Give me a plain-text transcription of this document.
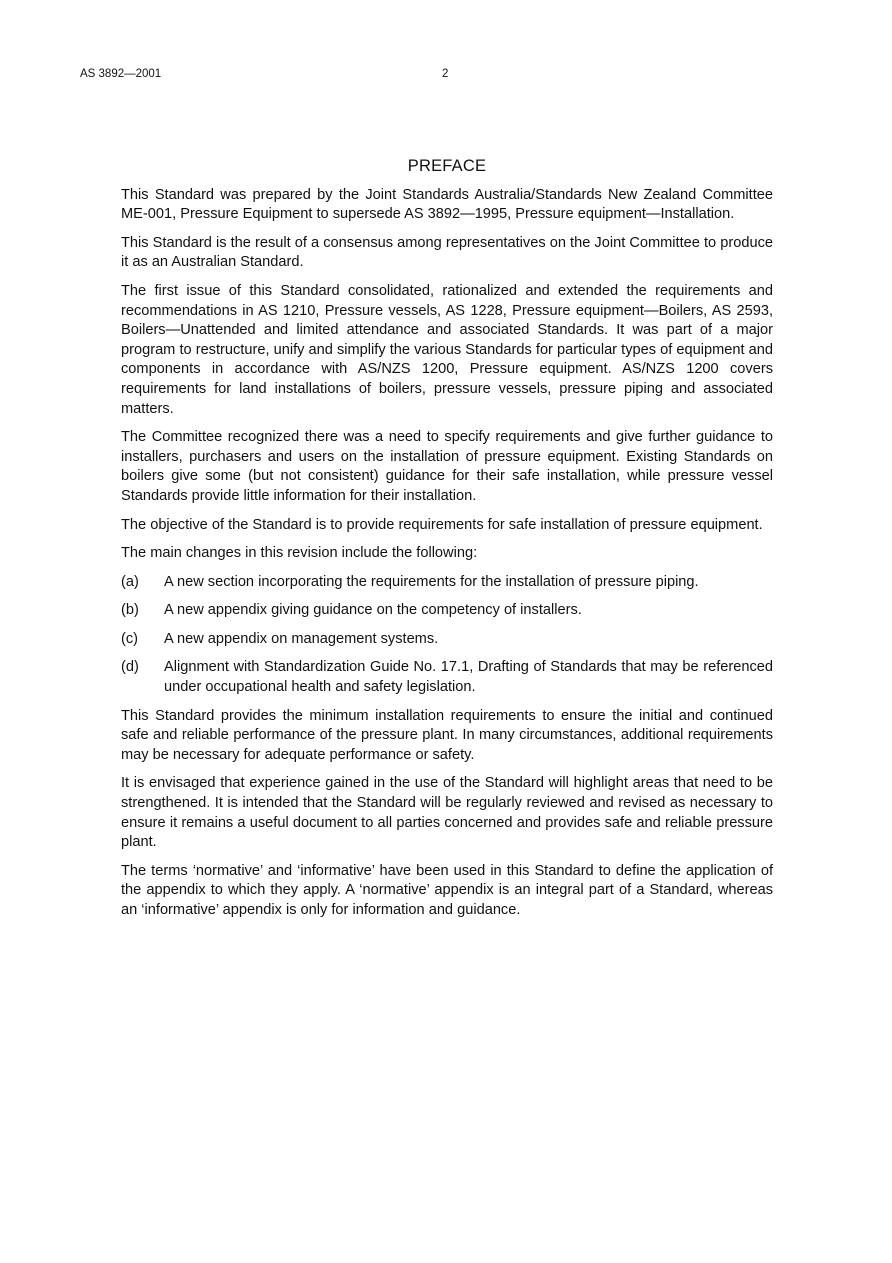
AS 3892—2001	2
PREFACE

This Standard was prepared by the Joint Standards Australia/Standards New Zealand Committee ME-001, Pressure Equipment to supersede AS 3892—1995, Pressure equipment—Installation.

This Standard is the result of a consensus among representatives on the Joint Committee to produce it as an Australian Standard.

The first issue of this Standard consolidated, rationalized and extended the requirements and recommendations in AS 1210, Pressure vessels, AS 1228, Pressure equipment—Boilers, AS 2593, Boilers—Unattended and limited attendance and associated Standards. It was part of a major program to restructure, unify and simplify the various Standards for particular types of equipment and components in accordance with AS/NZS 1200, Pressure equipment. AS/NZS 1200 covers requirements for land installations of boilers, pressure vessels, pressure piping and associated matters.

The Committee recognized there was a need to specify requirements and give further guidance to installers, purchasers and users on the installation of pressure equipment. Existing Standards on boilers give some (but not consistent) guidance for their safe installation, while pressure vessel Standards provide little information for their installation.

The objective of the Standard is to provide requirements for safe installation of pressure equipment.

The main changes in this revision include the following:

(a)	A new section incorporating the requirements for the installation of pressure piping.
(b)	A new appendix giving guidance on the competency of installers.
(c)	A new appendix on management systems.
(d)	Alignment with Standardization Guide No. 17.1, Drafting of Standards that may be referenced under occupational health and safety legislation.

This Standard provides the minimum installation requirements to ensure the initial and continued safe and reliable performance of the pressure plant. In many circumstances, additional requirements may be necessary for adequate performance or safety.

It is envisaged that experience gained in the use of the Standard will highlight areas that need to be strengthened. It is intended that the Standard will be regularly reviewed and revised as necessary to ensure it remains a useful document to all parties concerned and provides safe and reliable pressure plant.

The terms ‘normative’ and ‘informative’ have been used in this Standard to define the application of the appendix to which they apply. A ‘normative’ appendix is an integral part of a Standard, whereas an ‘informative’ appendix is only for information and guidance.
